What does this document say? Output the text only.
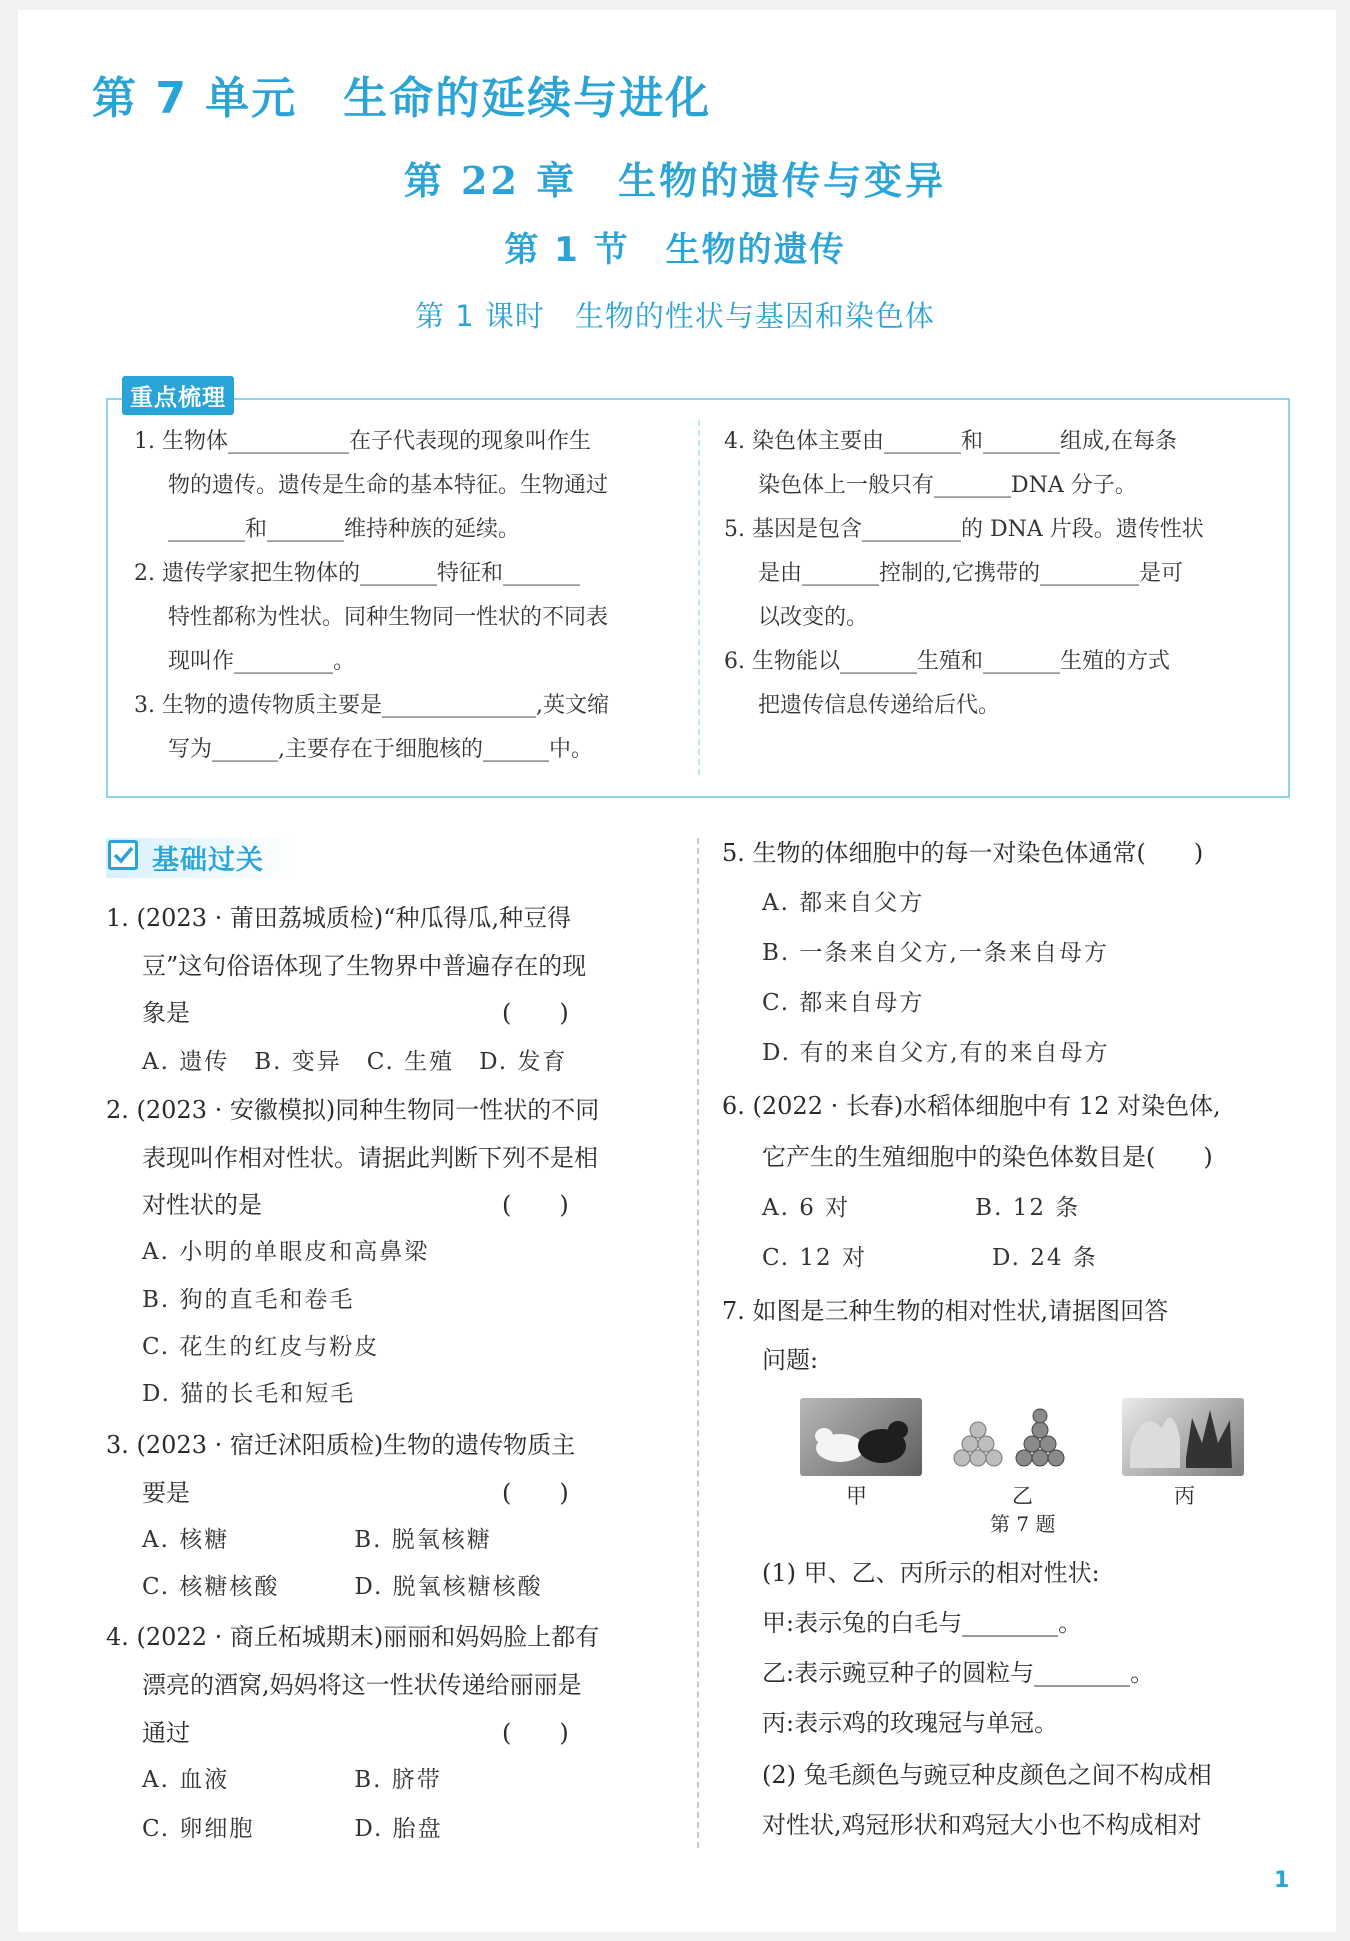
第 7 单元　生命的延续与进化
第 22 章　生物的遗传与变异
第 1 节　生物的遗传
第 1 课时　生物的性状与基因和染色体
重点梳理
1. 生物体___________在子代表现的现象叫作生
物的遗传。遗传是生命的基本特征。生物通过
_______和_______维持种族的延续。
2. 遗传学家把生物体的_______特征和_______
特性都称为性状。同种生物同一性状的不同表
现叫作_________。
3. 生物的遗传物质主要是______________,英文缩
写为______,主要存在于细胞核的______中。
4. 染色体主要由_______和_______组成,在每条
染色体上一般只有_______DNA 分子。
5. 基因是包含_________的 DNA 片段。遗传性状
是由_______控制的,它携带的_________是可
以改变的。
6. 生物能以_______生殖和_______生殖的方式
把遗传信息传递给后代。
基础过关
1. (2023 · 莆田荔城质检)“种瓜得瓜,种豆得
豆”这句俗语体现了生物界中普遍存在的现
象是　　　　　　　　　　　　　(　　)
A. 遗传　B. 变异　C. 生殖　D. 发育
2. (2023 · 安徽模拟)同种生物同一性状的不同
表现叫作相对性状。请据此判断下列不是相
对性状的是　　　　　　　　　　(　　)
A. 小明的单眼皮和高鼻梁
B. 狗的直毛和卷毛
C. 花生的红皮与粉皮
D. 猫的长毛和短毛
3. (2023 · 宿迁沭阳质检)生物的遗传物质主
要是　　　　　　　　　　　　　(　　)
A. 核糖　　　　　B. 脱氧核糖
C. 核糖核酸　　　D. 脱氧核糖核酸
4. (2022 · 商丘柘城期末)丽丽和妈妈脸上都有
漂亮的酒窝,妈妈将这一性状传递给丽丽是
通过　　　　　　　　　　　　　(　　)
A. 血液　　　　　B. 脐带
C. 卵细胞　　　　D. 胎盘
5. 生物的体细胞中的每一对染色体通常(　　)
A. 都来自父方
B. 一条来自父方,一条来自母方
C. 都来自母方
D. 有的来自父方,有的来自母方
6. (2022 · 长春)水稻体细胞中有 12 对染色体,
它产生的生殖细胞中的染色体数目是(　　)
A. 6 对　　　　　B. 12 条
C. 12 对　　　　　D. 24 条
7. 如图是三种生物的相对性状,请据图回答
问题:
甲	乙	丙
第 7 题
(1) 甲、乙、丙所示的相对性状:
甲:表示兔的白毛与________。
乙:表示豌豆种子的圆粒与________。
丙:表示鸡的玫瑰冠与单冠。
(2) 兔毛颜色与豌豆种皮颜色之间不构成相
对性状,鸡冠形状和鸡冠大小也不构成相对
1
